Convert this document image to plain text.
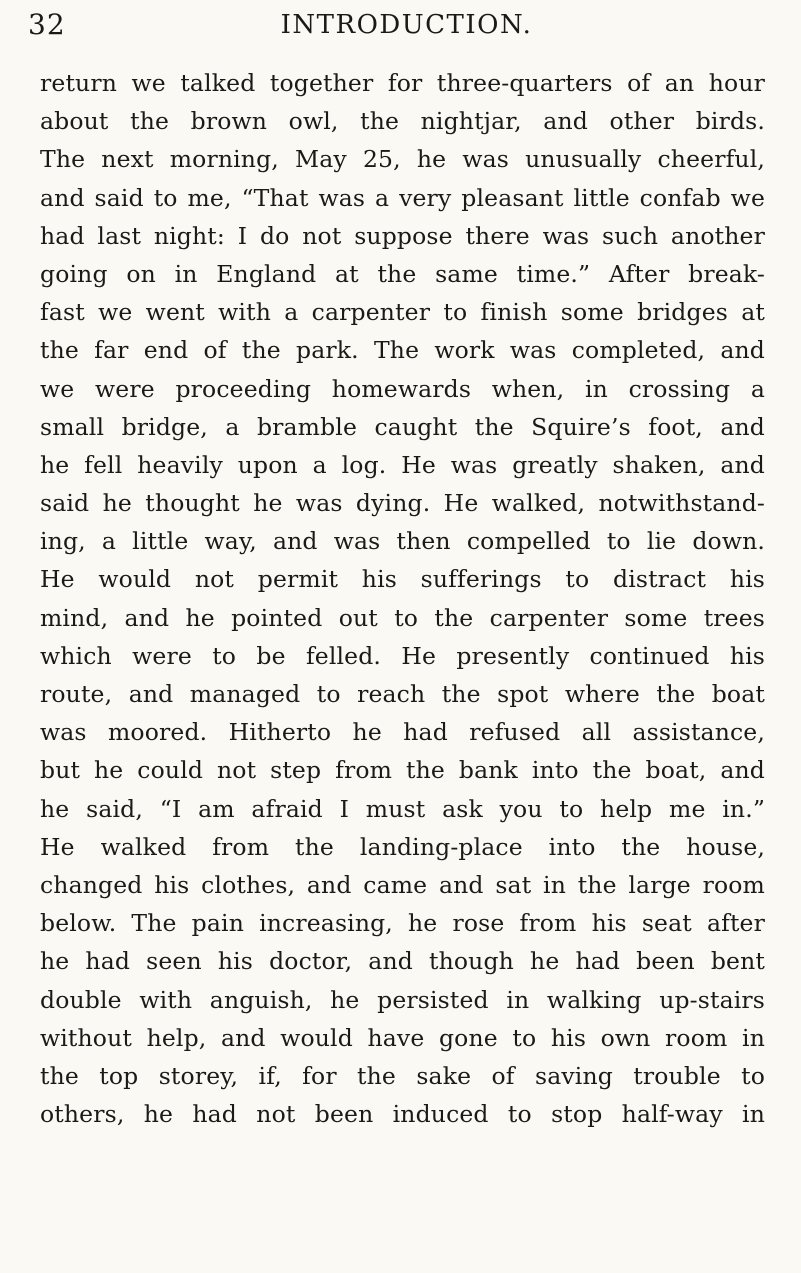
32	INTRODUCTION.
return we talked together for three-quarters of an hour
about the brown owl, the nightjar, and other birds.
The next morning, May 25, he was unusually cheerful,
and said to me, “That was a very pleasant little confab we
had last night: I do not suppose there was such another
going on in England at the same time.” After break-
fast we went with a carpenter to finish some bridges at
the far end of the park. The work was completed, and
we were proceeding homewards when, in crossing a
small bridge, a bramble caught the Squire’s foot, and
he fell heavily upon a log. He was greatly shaken, and
said he thought he was dying. He walked, notwithstand-
ing, a little way, and was then compelled to lie down.
He would not permit his sufferings to distract his
mind, and he pointed out to the carpenter some trees
which were to be felled. He presently continued his
route, and managed to reach the spot where the boat
was moored. Hitherto he had refused all assistance,
but he could not step from the bank into the boat, and
he said, “I am afraid I must ask you to help me in.”
He walked from the landing-place into the house,
changed his clothes, and came and sat in the large room
below. The pain increasing, he rose from his seat after
he had seen his doctor, and though he had been bent
double with anguish, he persisted in walking up-stairs
without help, and would have gone to his own room in
the top storey, if, for the sake of saving trouble to
others, he had not been induced to stop half-way in
